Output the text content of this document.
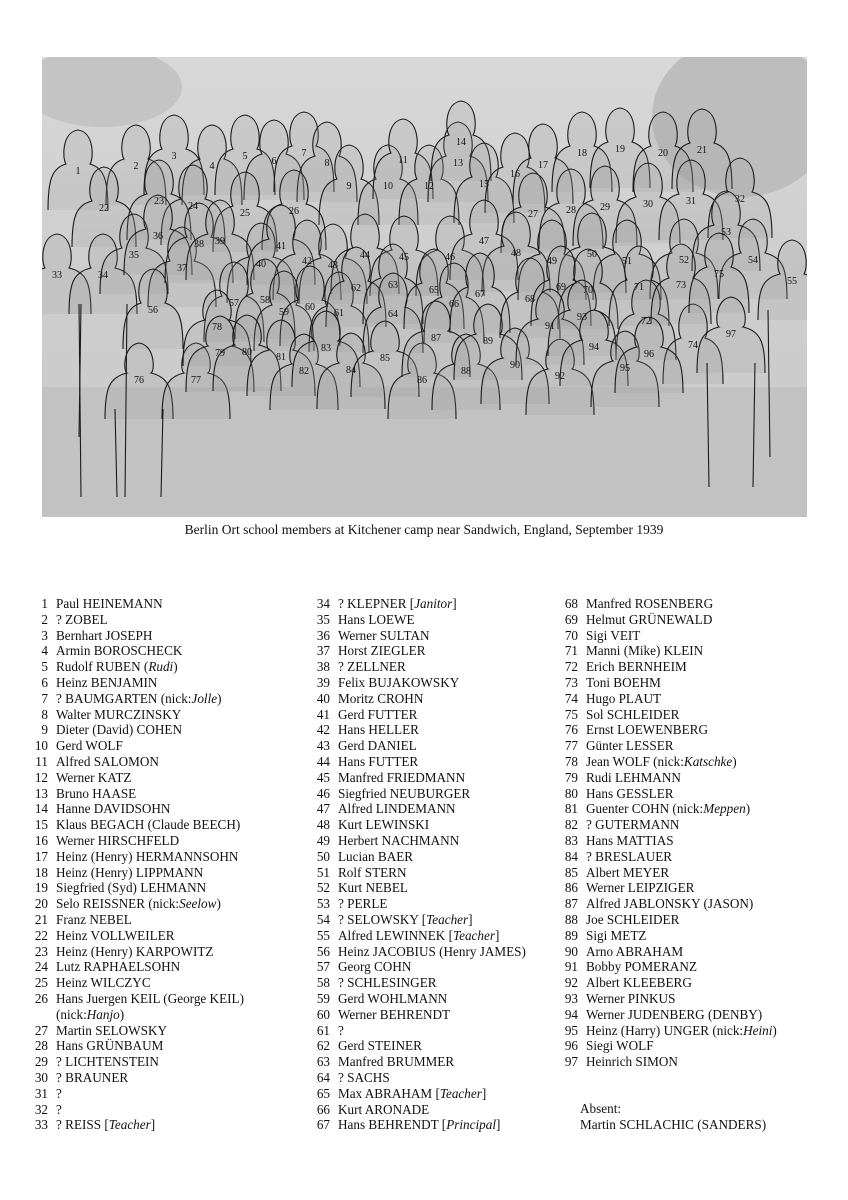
1	2
3
4
5 6
7
8
9	10
11
12
13
14
15
16
17
18	19	20	21
22
23 24
25	26	27	28 29	30	31	32
33	34
35
36
37
38 39
40
41
42 43
44	45	46
47
48
49
50
51	52
53
54
55
56
57 58
59 60
61
62	63
64
65
66
67	68
69 70	71
72
73
74
75
76	77
78
79 80 81
82
83
84
85
86
87
88
89
90
91
92
93
94
95
96
97
Berlin Ort school members at Kitchener camp near Sandwich, England, September 1939
1 Paul HEINEMANN
2 ? ZOBEL
3 Bernhart JOSEPH
4 Armin BOROSCHECK
5 Rudolf RUBEN (Rudi)
6 Heinz BENJAMIN
7 ? BAUMGARTEN (nick:Jolle)
8 Walter MURCZINSKY
9 Dieter (David) COHEN
10 Gerd WOLF
11 Alfred SALOMON
12 Werner KATZ
13 Bruno HAASE
14 Hanne DAVIDSOHN
15 Klaus BEGACH (Claude BEECH)
16 Werner HIRSCHFELD
17 Heinz (Henry) HERMANNSOHN
18 Heinz (Henry) LIPPMANN
19 Siegfried (Syd) LEHMANN
20 Selo REISSNER (nick:Seelow)
21 Franz NEBEL
22 Heinz VOLLWEILER
23 Heinz (Henry) KARPOWITZ
24 Lutz RAPHAELSOHN
25 Heinz WILCZYC
26 Hans Juergen KEIL (George KEIL)
(nick:Hanjo)
27 Martin SELOWSKY
28 Hans GRÜNBAUM
29 ? LICHTENSTEIN
30 ? BRAUNER
31 ?
32 ?
33 ? REISS [Teacher]
34 ? KLEPNER [Janitor]
35 Hans LOEWE
36 Werner SULTAN
37 Horst ZIEGLER
38 ? ZELLNER
39 Felix BUJAKOWSKY
40 Moritz CROHN
41 Gerd FUTTER
42 Hans HELLER
43 Gerd DANIEL
44 Hans FUTTER
45 Manfred FRIEDMANN
46 Siegfried NEUBURGER
47 Alfred LINDEMANN
48 Kurt LEWINSKI
49 Herbert NACHMANN
50 Lucian BAER
51 Rolf STERN
52 Kurt NEBEL
53 ? PERLE
54 ? SELOWSKY [Teacher]
55 Alfred LEWINNEK [Teacher]
56 Heinz JACOBIUS (Henry JAMES)
57 Georg COHN
58 ? SCHLESINGER
59 Gerd WOHLMANN
60 Werner BEHRENDT
61 ?
62 Gerd STEINER
63 Manfred BRUMMER
64 ? SACHS
65 Max ABRAHAM [Teacher]
66 Kurt ARONADE
67 Hans BEHRENDT [Principal]
68 Manfred ROSENBERG
69 Helmut GRÜNEWALD
70 Sigi VEIT
71 Manni (Mike) KLEIN
72 Erich BERNHEIM
73 Toni BOEHM
74 Hugo PLAUT
75 Sol SCHLEIDER
76 Ernst LOEWENBERG
77 Günter LESSER
78 Jean WOLF (nick:Katschke)
79 Rudi LEHMANN
80 Hans GESSLER
81 Guenter COHN (nick:Meppen)
82 ? GUTERMANN
83 Hans MATTIAS
84 ? BRESLAUER
85 Albert MEYER
86 Werner LEIPZIGER
87 Alfred JABLONSKY (JASON)
88 Joe SCHLEIDER
89 Sigi METZ
90 Arno ABRAHAM
91 Bobby POMERANZ
92 Albert KLEEBERG
93 Werner PINKUS
94 Werner JUDENBERG (DENBY)
95 Heinz (Harry) UNGER (nick:Heini)
96 Siegi WOLF
97 Heinrich SIMON
Absent:
Martin SCHLACHIC (SANDERS)
